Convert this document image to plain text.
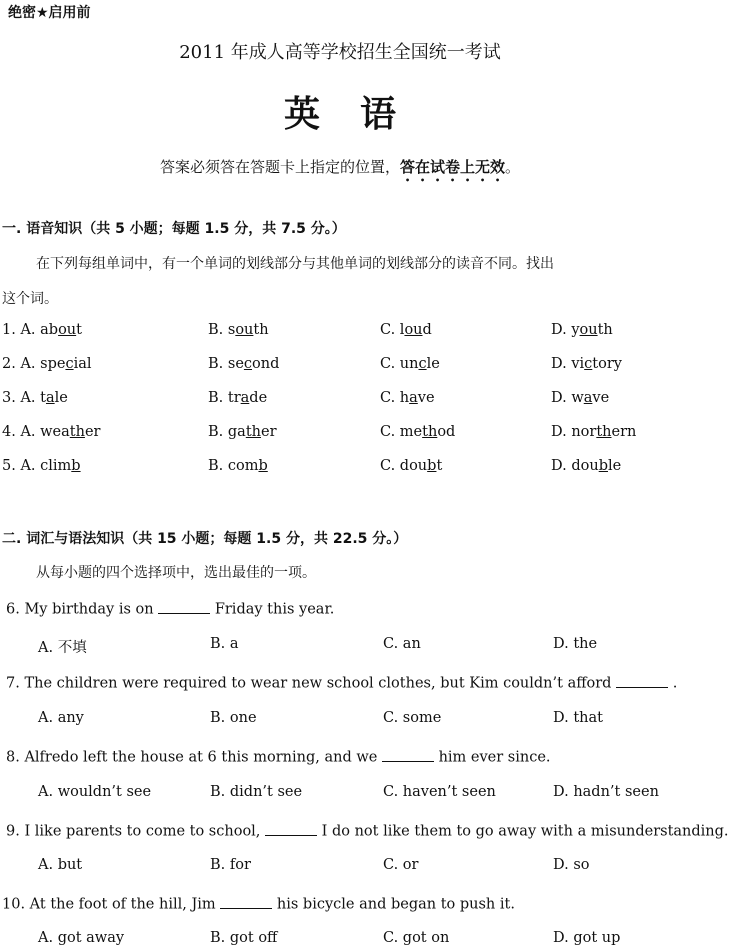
绝密★启用前
2011 年成人高等学校招生全国统一考试
英语
答案必须答在答题卡上指定的位置，答在试卷上无效。
一. 语音知识（共 5 小题；每题 1.5 分，共 7.5 分。）
在下列每组单词中，有一个单词的划线部分与其他单词的划线部分的读音不同。找出
这个词。
1. A. about	B. south	C. loud	D. youth
2. A. special	B. second	C. uncle	D. victory
3. A. tale	B. trade	C. have	D. wave
4. A. weather	B. gather	C. method	D. northern
5. A. climb	B. comb	C. doubt	D. double
二. 词汇与语法知识（共 15 小题；每题 1.5 分，共 22.5 分。）
从每小题的四个选择项中，选出最佳的一项。
6. My birthday is on	Friday this year.
A. 不填	B. a	C. an	D. the
7. The children were required to wear new school clothes, but Kim couldn’t afford	.
A. any	B. one	C. some	D. that
8. Alfredo left the house at 6 this morning, and we	him ever since.
A. wouldn’t see	B. didn’t see	C. haven’t seen	D. hadn’t seen
9. I like parents to come to school,	I do not like them to go away with a misunderstanding.
A. but	B. for	C. or	D. so
10. At the foot of the hill, Jim	his bicycle and began to push it.
A. got away	B. got off	C. got on	D. got up
